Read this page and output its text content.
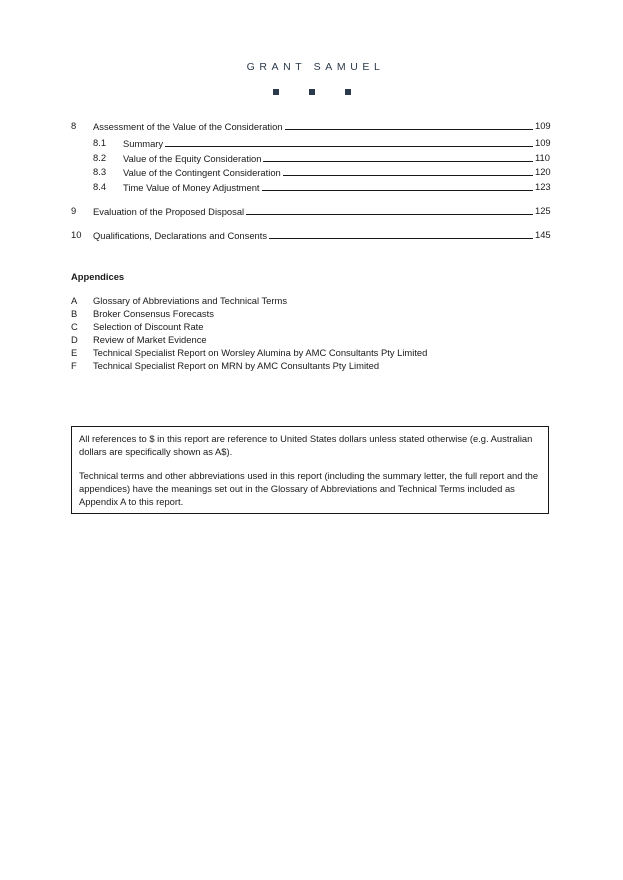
GRANT SAMUEL
8 Assessment of the Value of the Consideration	109
8.1 Summary	109
8.2 Value of the Equity Consideration	110
8.3 Value of the Contingent Consideration	120
8.4 Time Value of Money Adjustment	123
9 Evaluation of the Proposed Disposal	125
10 Qualifications, Declarations and Consents	145
Appendices
A Glossary of Abbreviations and Technical Terms
B Broker Consensus Forecasts
C Selection of Discount Rate
D Review of Market Evidence
E Technical Specialist Report on Worsley Alumina by AMC Consultants Pty Limited
F Technical Specialist Report on MRN by AMC Consultants Pty Limited

All references to $ in this report are reference to United States dollars unless stated otherwise (e.g. Australian dollars are specifically shown as A$).

Technical terms and other abbreviations used in this report (including the summary letter, the full report and the appendices) have the meanings set out in the Glossary of Abbreviations and Technical Terms included as Appendix A to this report.
